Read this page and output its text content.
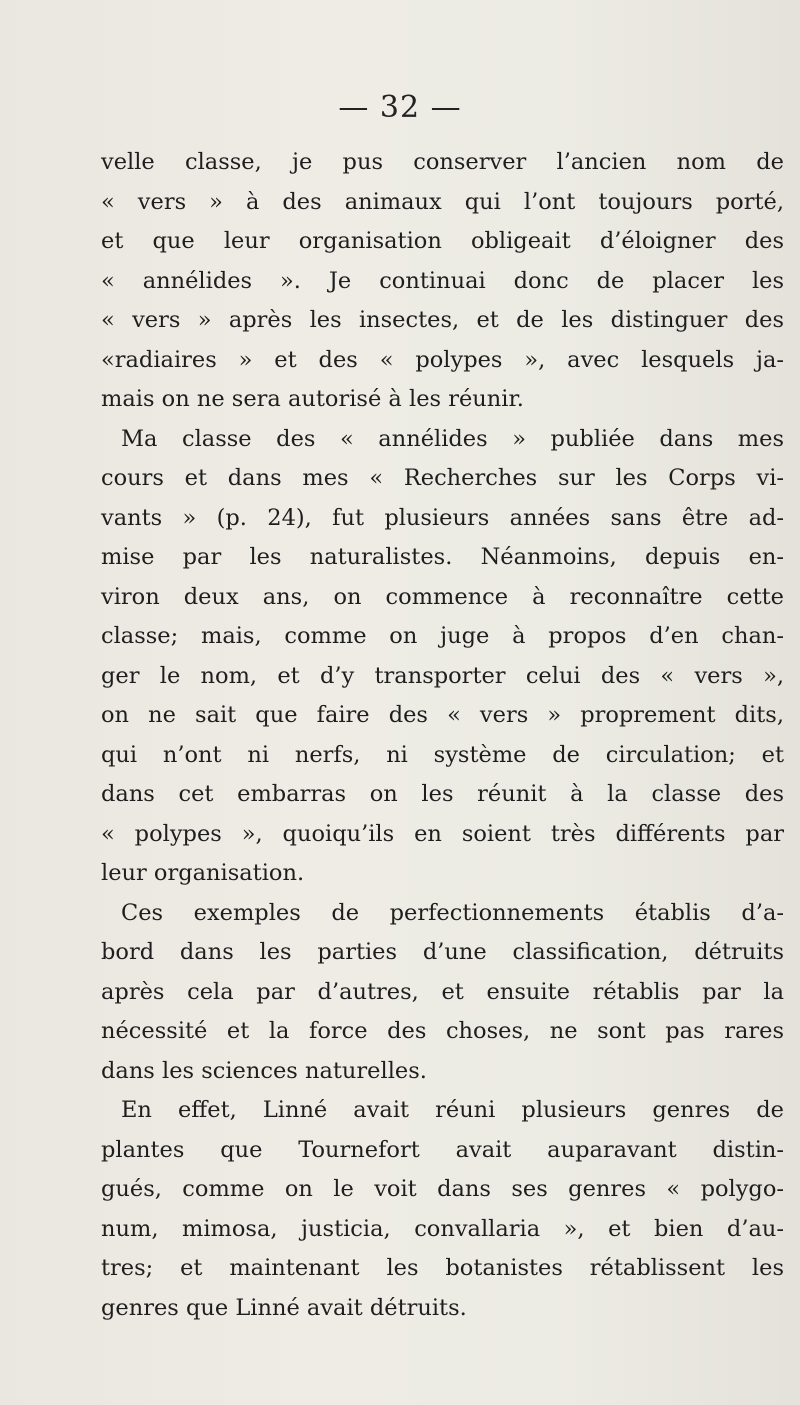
— 32 —
velle classe, je pus conserver l’ancien nom de
« vers » à des animaux qui l’ont toujours porté,
et que leur organisation obligeait d’éloigner des
« annélides ». Je continuai donc de placer les
« vers » après les insectes, et de les distinguer des
«radiaires » et des « polypes », avec lesquels ja-
mais on ne sera autorisé à les réunir.
Ma classe des « annélides » publiée dans mes
cours et dans mes « Recherches sur les Corps vi-
vants » (p. 24), fut plusieurs années sans être ad-
mise par les naturalistes. Néanmoins, depuis en-
viron deux ans, on commence à reconnaître cette
classe; mais, comme on juge à propos d’en chan-
ger le nom, et d’y transporter celui des « vers »,
on ne sait que faire des « vers » proprement dits,
qui n’ont ni nerfs, ni système de circulation; et
dans cet embarras on les réunit à la classe des
« polypes », quoiqu’ils en soient très différents par
leur organisation.
Ces exemples de perfectionnements établis d’a-
bord dans les parties d’une classification, détruits
après cela par d’autres, et ensuite rétablis par la
nécessité et la force des choses, ne sont pas rares
dans les sciences naturelles.
En effet, Linné avait réuni plusieurs genres de
plantes que Tournefort avait auparavant distin-
gués, comme on le voit dans ses genres « polygo-
num, mimosa, justicia, convallaria », et bien d’au-
tres; et maintenant les botanistes rétablissent les
genres que Linné avait détruits.
